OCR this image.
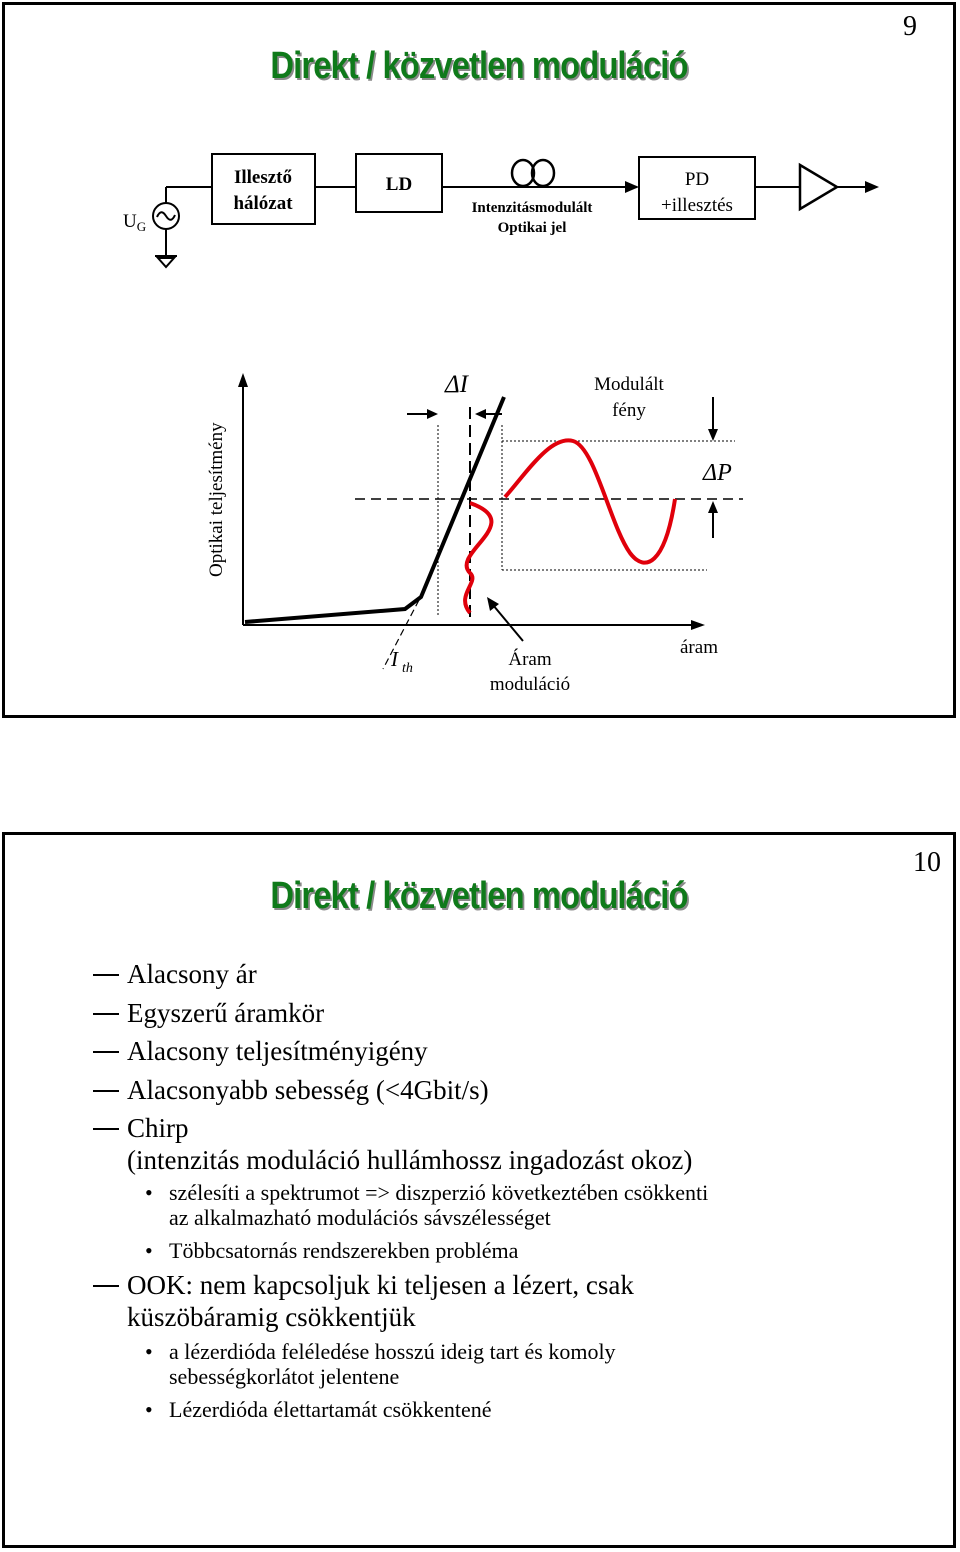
9
Direkt / közvetlen moduláció
$U_G$
Illesztő
hálózat
LD
Intenzitásmodulált
Optikai jel
PD
+illesztés
Optikai teljesítmény
ΔI	Modulált
fény
ΔP
I $_{th}$	Áram
moduláció
áram
10
Direkt / közvetlen moduláció
Alacsony ár
Egyszerű áramkör
Alacsony teljesítményigény
Alacsonyabb sebesség (<4Gbit/s)
Chirp
(intenzitás moduláció hullámhossz ingadozást okoz)
• szélesíti a spektrumot => diszperzió következtében csökkenti
az alkalmazható modulációs sávszélességet
• Többcsatornás rendszerekben probléma
OOK: nem kapcsoljuk ki teljesen a lézert, csak
küszöbáramig csökkentjük
• a lézerdióda feléledése hosszú ideig tart és komoly
sebességkorlátot jelentene
• Lézerdióda élettartamát csökkentené
